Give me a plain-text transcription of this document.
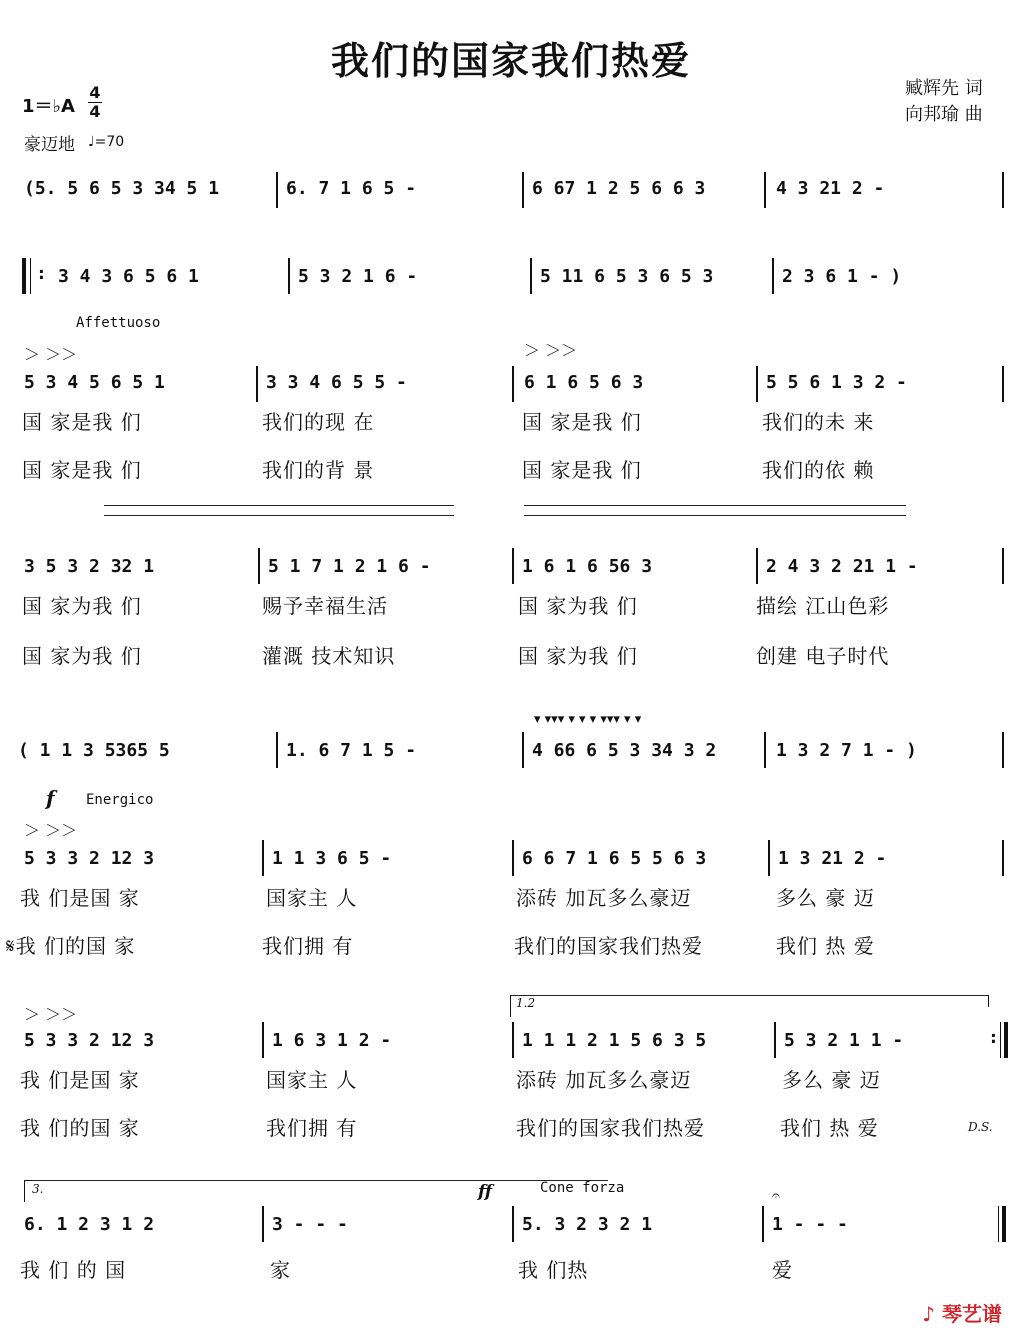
我们的国家我们热爱
臧辉先 词
向邦瑜 曲
1＝♭A
4
4
豪迈地 ♩=70
(5. 5 6 5 3 34 5 1	6. 7 1 6 5 -	6 67 1 2 5 6 6 3	4 3 21 2 -
: 3 4 3 6 5 6 1	5 3 2 1 6 -	5 11 6 5 3 6 5 3	2 3 6 1 - )
Affettuoso
＞ ＞＞	＞ ＞＞
5 3 4 5 6 5 1	3 3 4 6 5 5 -	6 1 6 5 6 3	5 5 6 1 3 2 -
国 家是我 们	我们的现 在	国 家是我 们	我们的未 来
国 家是我 们	我们的背 景	国 家是我 们	我们的依 赖
3 5 3 2 32 1	5 1 7 1 2 1 6 -	1 6 1 6 56 3	2 4 3 2 21 1 -
国 家为我 们	赐予幸福生活	国 家为我 们	描绘 江山色彩
国 家为我 们	灌溉 技术知识	国 家为我 们	创建 电子时代
▾ ▾▾▾ ▾ ▾ ▾ ▾▾▾ ▾ ▾
( 1 1 3 5365 5	1. 6 7 1 5 -	4 66 6 5 3 34 3 2	1 3 2 7 1 - )
f Energico
＞ ＞＞
5 3 3 2 12 3	1 1 3 6 5 -	6 6 7 1 6 5 5 6 3	1 3 21 2 -
我 们是国 家	国家主 人	添砖 加瓦多么豪迈	多么 豪 迈
𝄋我 们的国 家	我们拥 有	我们的国家我们热爱	我们 热 爱
＞ ＞＞
1.2
5 3 3 2 12 3	1 6 3 1 2 -	1 1 1 2 1 5 6 3 5	5 3 2 1 1 -	:
我 们是国 家	国家主 人	添砖 加瓦多么豪迈	多么 豪 迈
我 们的国 家	我们拥 有	我们的国家我们热爱	我们 热 爱	D.S.
3.	ff	Cone forza	𝄐
6. 1 2 3 1 2	3 - - -	5. 3 2 3 2 1	1 - - -
我 们 的 国	家	我 们热	爱
♪ 琴艺谱
